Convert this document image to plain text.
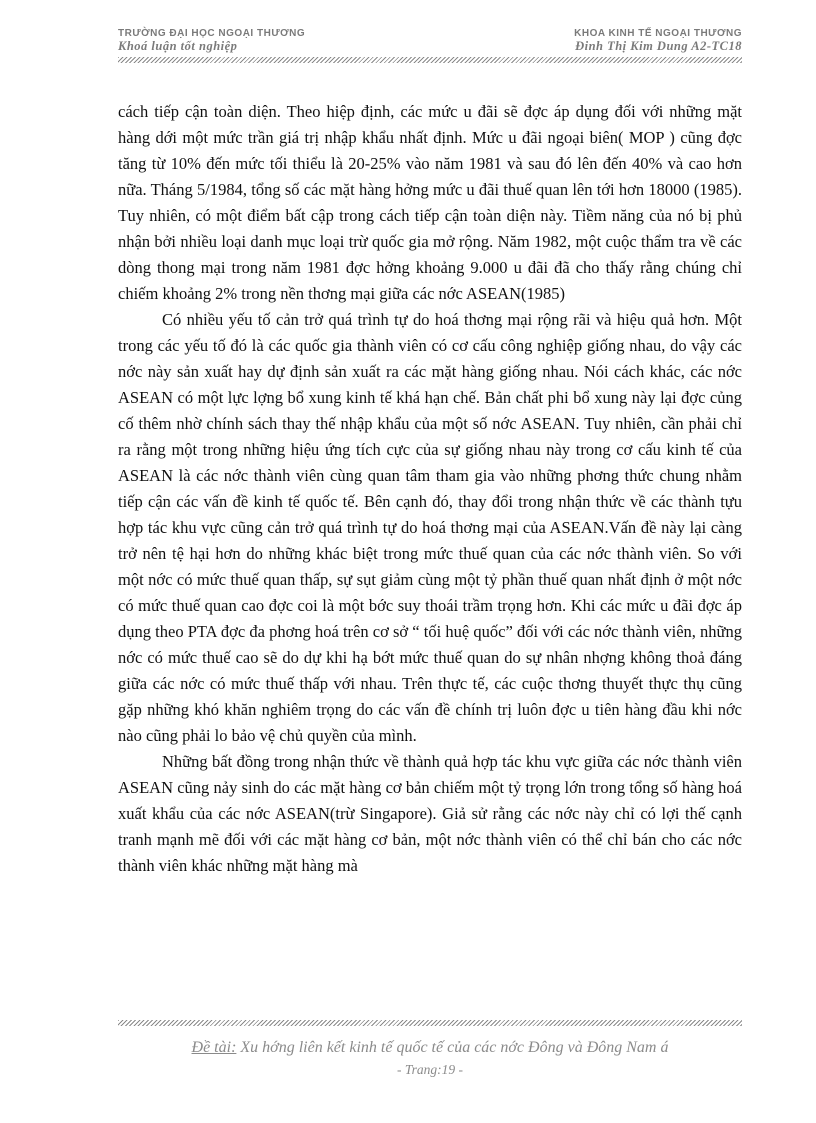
TRƯỜNG ĐẠI HỌC NGOẠI THƯƠNG
Khoá luận tốt nghiệp
KHOA KINH TẾ NGOẠI THƯƠNG
Đinh Thị Kim Dung A2-TC18

cách tiếp cận toàn diện. Theo hiệp định, các mức u đãi sẽ đợc áp dụng đối với những mặt hàng dới một mức trần giá trị nhập khẩu nhất định. Mức u đãi ngoại biên( MOP ) cũng đợc tăng từ 10% đến mức tối thiểu là 20-25% vào năm 1981 và sau đó lên đến 40% và cao hơn nữa. Tháng 5/1984, tổng số các mặt hàng hởng mức u đãi thuế quan lên tới hơn 18000 (1985). Tuy nhiên, có một điểm bất cập trong cách tiếp cận toàn diện này. Tiềm năng của nó bị phủ nhận bởi nhiều loại danh mục loại trừ quốc gia mở rộng. Năm 1982, một cuộc thẩm tra về các dòng thong mại trong năm 1981 đợc hởng khoảng 9.000 u đãi đã cho thấy rằng chúng chỉ chiếm khoảng 2% trong nền thơng mại giữa các nớc ASEAN(1985)

Có nhiều yếu tố cản trở quá trình tự do hoá thơng mại rộng rãi và hiệu quả hơn. Một trong các yếu tố đó là các quốc gia thành viên có cơ cấu công nghiệp giống nhau, do vậy các nớc này sản xuất hay dự định sản xuất ra các mặt hàng giống nhau. Nói cách khác, các nớc ASEAN có một lực lợng bổ xung kinh tế khá hạn chế. Bản chất phi bổ xung này lại đợc củng cố thêm nhờ chính sách thay thế nhập khẩu của một số nớc ASEAN. Tuy nhiên, cần phải chỉ ra rằng một trong những hiệu ứng tích cực của sự giống nhau này trong cơ cấu kinh tế của ASEAN là các nớc thành viên cùng quan tâm tham gia vào những phơng thức chung nhằm tiếp cận các vấn đề kinh tế quốc tế. Bên cạnh đó, thay đổi trong nhận thức về các thành tựu hợp tác khu vực cũng cản trở quá trình tự do hoá thơng mại của ASEAN.Vấn đề này lại càng trở nên tệ hại hơn do những khác biệt trong mức thuế quan của các nớc thành viên. So với một nớc có mức thuế quan thấp, sự sụt giảm cùng một tỷ phần thuế quan nhất định ở một nớc có mức thuế quan cao đợc coi là một bớc suy thoái trầm trọng hơn. Khi các mức u đãi đợc áp dụng theo PTA đợc đa phơng hoá trên cơ sở “ tối huệ quốc” đối với các nớc thành viên, những nớc có mức thuế cao sẽ do dự khi hạ bớt mức thuế quan do sự nhân nhợng không thoả đáng giữa các nớc có mức thuế thấp với nhau. Trên thực tế, các cuộc thơng thuyết thực thụ cũng gặp những khó khăn nghiêm trọng do các vấn đề chính trị luôn đợc u tiên hàng đầu khi nớc nào cũng phải lo bảo vệ chủ quyền của mình.

Những bất đồng trong nhận thức về thành quả hợp tác khu vực giữa các nớc thành viên ASEAN cũng nảy sinh do các mặt hàng cơ bản chiếm một tỷ trọng lớn trong tổng số hàng hoá xuất khẩu của các nớc ASEAN(trừ Singapore). Giả sử rằng các nớc này chỉ có lợi thế cạnh tranh mạnh mẽ đối với các mặt hàng cơ bản, một nớc thành viên có thể chỉ bán cho các nớc thành viên khác những mặt hàng mà

Đề tài: Xu hớng liên kết kinh tế quốc tế của các nớc Đông và Đông Nam á
- Trang:19 -
